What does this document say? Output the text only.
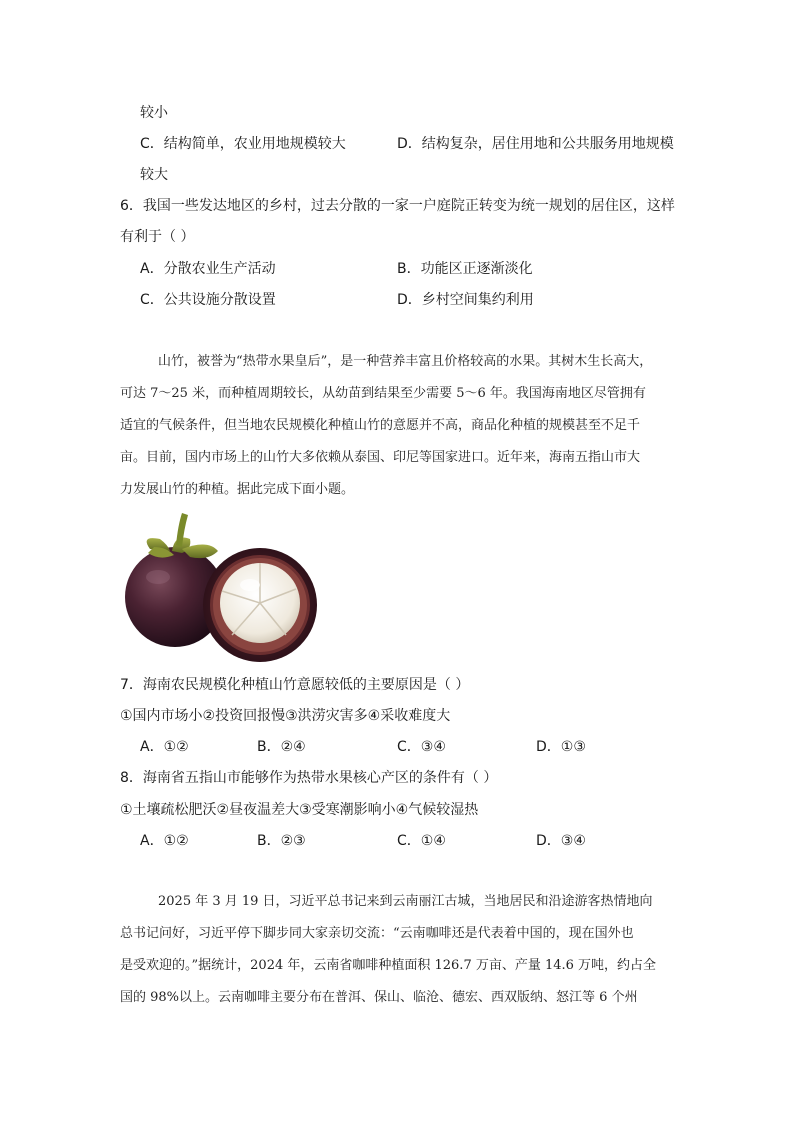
较小
C．结构简单，农业用地规模较大	D．结构复杂，居住用地和公共服务用地规模
较大
6．我国一些发达地区的乡村，过去分散的一家一户庭院正转变为统一规划的居住区，这样
有利于（ ）
A．分散农业生产活动	B．功能区正逐渐淡化
C．公共设施分散设置	D．乡村空间集约利用
山竹，被誉为“热带水果皇后”，是一种营养丰富且价格较高的水果。其树木生长高大，
可达 7～25 米，而种植周期较长，从幼苗到结果至少需要 5～6 年。我国海南地区尽管拥有
适宜的气候条件，但当地农民规模化种植山竹的意愿并不高，商品化种植的规模甚至不足千
亩。目前，国内市场上的山竹大多依赖从泰国、印尼等国家进口。近年来，海南五指山市大
力发展山竹的种植。据此完成下面小题。
7．海南农民规模化种植山竹意愿较低的主要原因是（ ）
①国内市场小②投资回报慢③洪涝灾害多④采收难度大
A．①②	B．②④	C．③④	D．①③
8．海南省五指山市能够作为热带水果核心产区的条件有（ ）
①土壤疏松肥沃②昼夜温差大③受寒潮影响小④气候较湿热
A．①②	B．②③	C．①④	D．③④
2025 年 3 月 19 日，习近平总书记来到云南丽江古城，当地居民和沿途游客热情地向
总书记问好，习近平停下脚步同大家亲切交流：“云南咖啡还是代表着中国的，现在国外也
是受欢迎的。”据统计，2024 年，云南省咖啡种植面积 126.7 万亩、产量 14.6 万吨，约占全
国的 98%以上。云南咖啡主要分布在普洱、保山、临沧、德宏、西双版纳、怒江等 6 个州
